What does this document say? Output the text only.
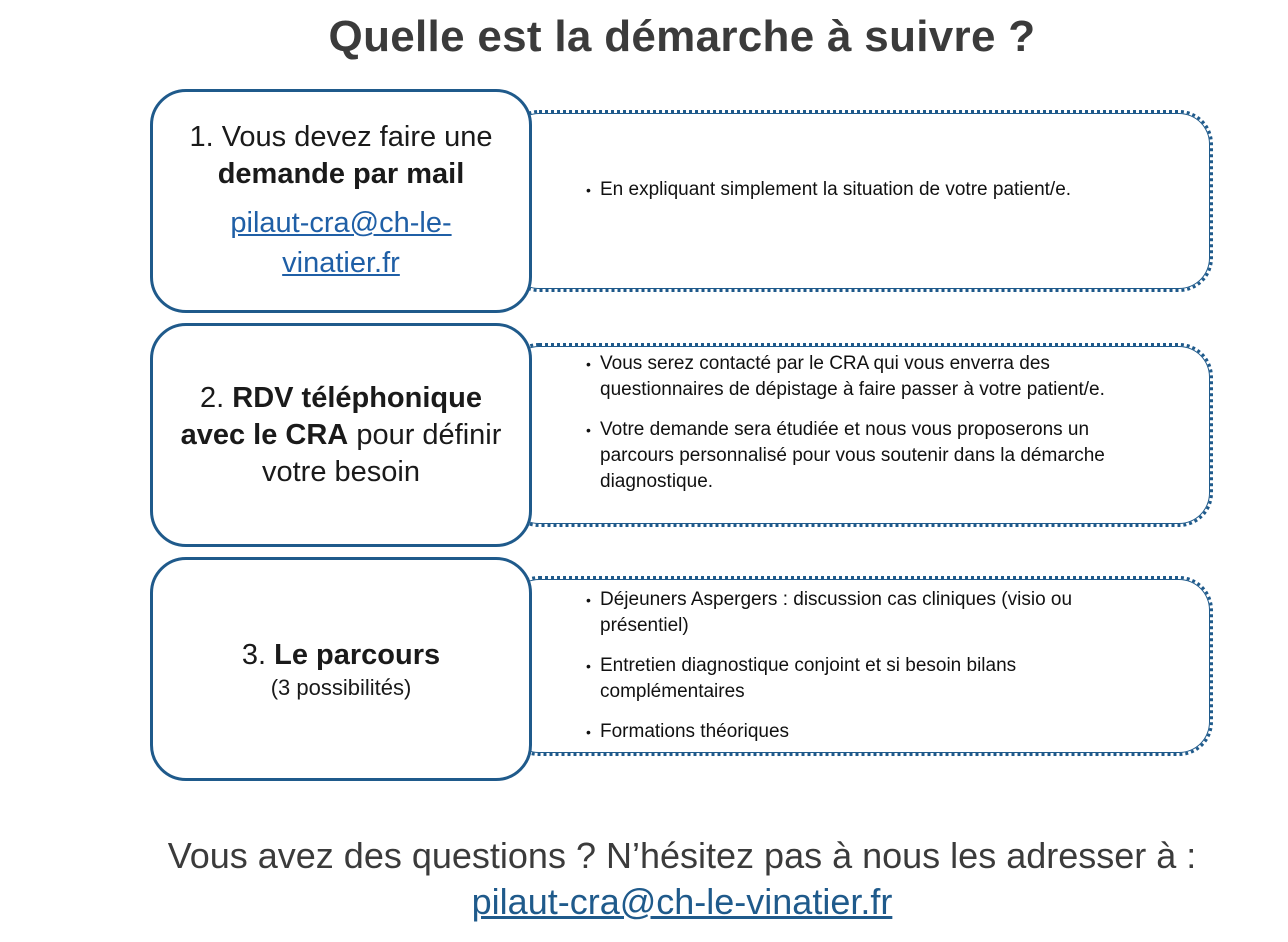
Quelle est la démarche à suivre ?
• En expliquant simplement la situation de votre patient/e.
• Vous serez contacté par le CRA qui vous enverra des questionnaires de dépistage à faire passer à votre patient/e.
• Votre demande sera étudiée et nous vous proposerons un parcours personnalisé pour vous soutenir dans la démarche diagnostique.
• Déjeuners Aspergers : discussion cas cliniques (visio ou présentiel)
• Entretien diagnostique conjoint et si besoin bilans complémentaires
• Formations théoriques
1. Vous devez faire une
demande par mail
pilaut-cra@ch-le-
vinatier.fr
2. RDV téléphonique
avec le CRA pour définir
votre besoin
3. Le parcours
(3 possibilités)
Vous avez des questions ? N’hésitez pas à nous les adresser à :
pilaut-cra@ch-le-vinatier.fr
